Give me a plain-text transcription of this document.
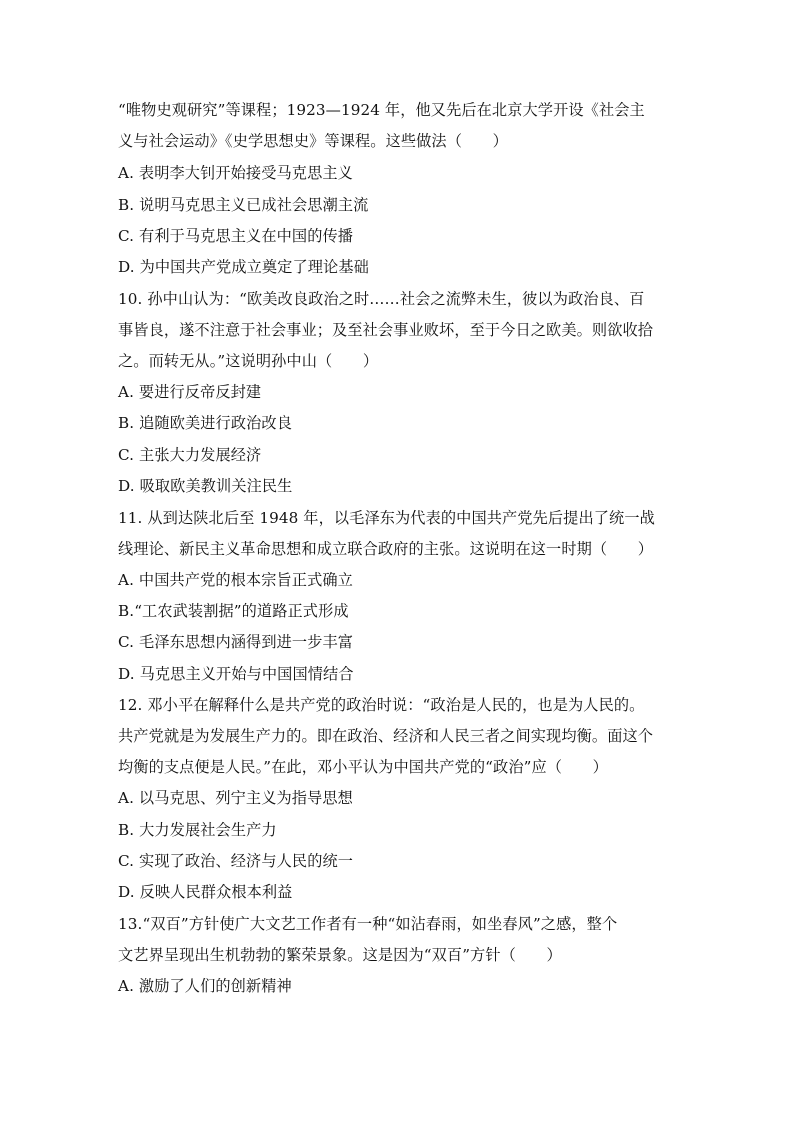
“唯物史观研究”等课程；1923—1924 年，他又先后在北京大学开设《社会主
义与社会运动》《史学思想史》等课程。这些做法（　　）
A. 表明李大钊开始接受马克思主义
B. 说明马克思主义已成社会思潮主流
C. 有利于马克思主义在中国的传播
D. 为中国共产党成立奠定了理论基础
10. 孙中山认为：“欧美改良政治之时……社会之流弊未生，彼以为政治良、百
事皆良，遂不注意于社会事业；及至社会事业败坏，至于今日之欧美。则欲收拾
之。而转无从。”这说明孙中山（　　）
A. 要进行反帝反封建
B. 追随欧美进行政治改良
C. 主张大力发展经济
D. 吸取欧美教训关注民生
11. 从到达陕北后至 1948 年，以毛泽东为代表的中国共产党先后提出了统一战
线理论、新民主义革命思想和成立联合政府的主张。这说明在这一时期（　　）
A. 中国共产党的根本宗旨正式确立
B.“工农武装割据”的道路正式形成
C. 毛泽东思想内涵得到进一步丰富
D. 马克思主义开始与中国国情结合
12. 邓小平在解释什么是共产党的政治时说：“政治是人民的，也是为人民的。
共产党就是为发展生产力的。即在政治、经济和人民三者之间实现均衡。面这个
均衡的支点便是人民。”在此，邓小平认为中国共产党的“政治”应（　　）
A. 以马克思、列宁主义为指导思想
B. 大力发展社会生产力
C. 实现了政治、经济与人民的统一
D. 反映人民群众根本利益
13.“双百”方针使广大文艺工作者有一种“如沾春雨，如坐春风”之感，整个
文艺界呈现出生机勃勃的繁荣景象。这是因为“双百”方针（　　）
A. 激励了人们的创新精神
